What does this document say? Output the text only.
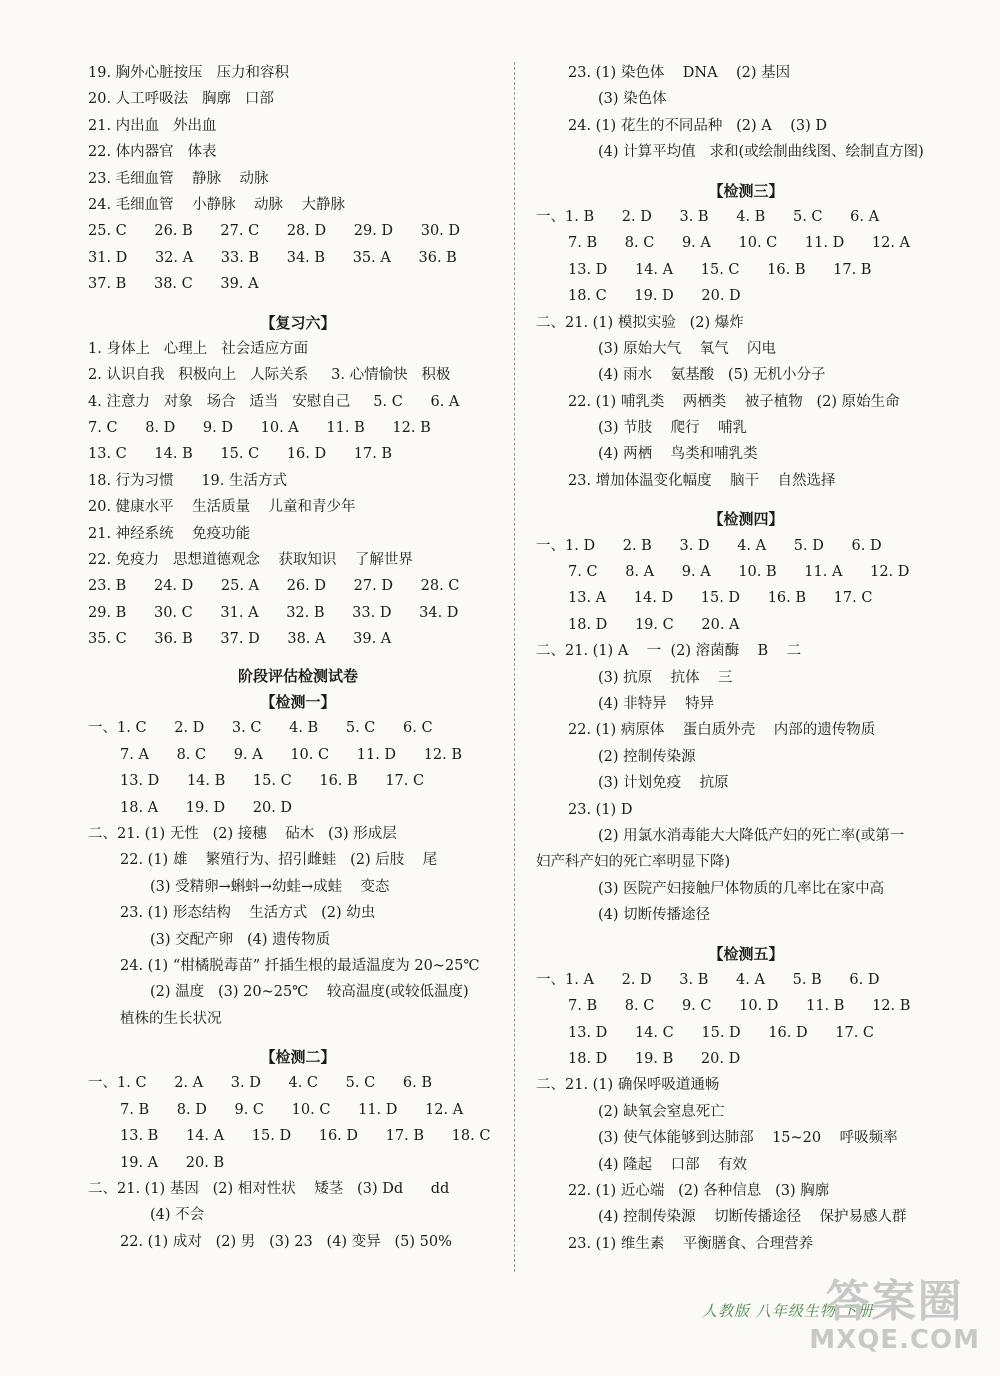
19. 胸外心脏按压   压力和容积
20. 人工呼吸法   胸廓   口部
21. 内出血   外出血
22. 体内器官   体表
23. 毛细血管    静脉    动脉
24. 毛细血管    小静脉    动脉    大静脉
25. C      26. B      27. C      28. D      29. D      30. D
31. D      32. A      33. B      34. B      35. A      36. B
37. B      38. C      39. A
【复习六】
1. 身体上   心理上   社会适应方面
2. 认识自我   积极向上   人际关系     3. 心情愉快   积极
4. 注意力   对象   场合   适当   安慰自己     5. C      6. A
7. C      8. D      9. D      10. A      11. B      12. B
13. C      14. B      15. C      16. D      17. B
18. 行为习惯      19. 生活方式
20. 健康水平    生活质量    儿童和青少年
21. 神经系统    免疫功能
22. 免疫力   思想道德观念    获取知识    了解世界
23. B      24. D      25. A      26. D      27. D      28. C
29. B      30. C      31. A      32. B      33. D      34. D
35. C      36. B      37. D      38. A      39. A
阶段评估检测试卷
【检测一】
一、1. C      2. D      3. C      4. B      5. C      6. C
7. A      8. C      9. A      10. C      11. D      12. B
13. D      14. B      15. C      16. B      17. C
18. A      19. D      20. D
二、21. (1) 无性   (2) 接穗    砧木   (3) 形成层
22. (1) 雄    繁殖行为、招引雌蛙   (2) 后肢    尾
(3) 受精卵→蝌蚪→幼蛙→成蛙    变态
23. (1) 形态结构    生活方式   (2) 幼虫
(3) 交配产卵   (4) 遗传物质
24. (1) “柑橘脱毒苗” 扦插生根的最适温度为 20~25℃
(2) 温度   (3) 20~25℃    较高温度(或较低温度)
植株的生长状况
【检测二】
一、1. C      2. A      3. D      4. C      5. C      6. B
7. B      8. D      9. C      10. C      11. D      12. A
13. B      14. A      15. D      16. D      17. B      18. C
19. A      20. B
二、21. (1) 基因   (2) 相对性状    矮茎   (3) Dd      dd
(4) 不会
22. (1) 成对   (2) 男   (3) 23   (4) 变异   (5) 50%
23. (1) 染色体    DNA    (2) 基因
(3) 染色体
24. (1) 花生的不同品种   (2) A    (3) D
(4) 计算平均值   求和(或绘制曲线图、绘制直方图)
【检测三】
一、1. B      2. D      3. B      4. B      5. C      6. A
7. B      8. C      9. A      10. C      11. D      12. A
13. D      14. A      15. C      16. B      17. B
18. C      19. D      20. D
二、21. (1) 模拟实验   (2) 爆炸
(3) 原始大气    氧气    闪电
(4) 雨水    氨基酸   (5) 无机小分子
22. (1) 哺乳类    两栖类    被子植物   (2) 原始生命
(3) 节肢    爬行    哺乳
(4) 两栖    鸟类和哺乳类
23. 增加体温变化幅度    脑干    自然选择
【检测四】
一、1. D      2. B      3. D      4. A      5. D      6. D
7. C      8. A      9. A      10. B      11. A      12. D
13. A      14. D      15. D      16. B      17. C
18. D      19. C      20. A
二、21. (1) A    一  (2) 溶菌酶    B    二
(3) 抗原    抗体    三
(4) 非特异    特异
22. (1) 病原体    蛋白质外壳    内部的遗传物质
(2) 控制传染源
(3) 计划免疫    抗原
23. (1) D
(2) 用氯水消毒能大大降低产妇的死亡率(或第一
妇产科产妇的死亡率明显下降)
(3) 医院产妇接触尸体物质的几率比在家中高
(4) 切断传播途径
【检测五】
一、1. A      2. D      3. B      4. A      5. B      6. D
7. B      8. C      9. C      10. D      11. B      12. B
13. D      14. C      15. D      16. D      17. C
18. D      19. B      20. D
二、21. (1) 确保呼吸道通畅
(2) 缺氧会窒息死亡
(3) 使气体能够到达肺部    15~20    呼吸频率
(4) 隆起    口部    有效
22. (1) 近心端   (2) 各种信息   (3) 胸廓
(4) 控制传染源    切断传播途径    保护易感人群
23. (1) 维生素    平衡膳食、合理营养
人教版 八年级生物 下册
答案圈
MXQE.COM
